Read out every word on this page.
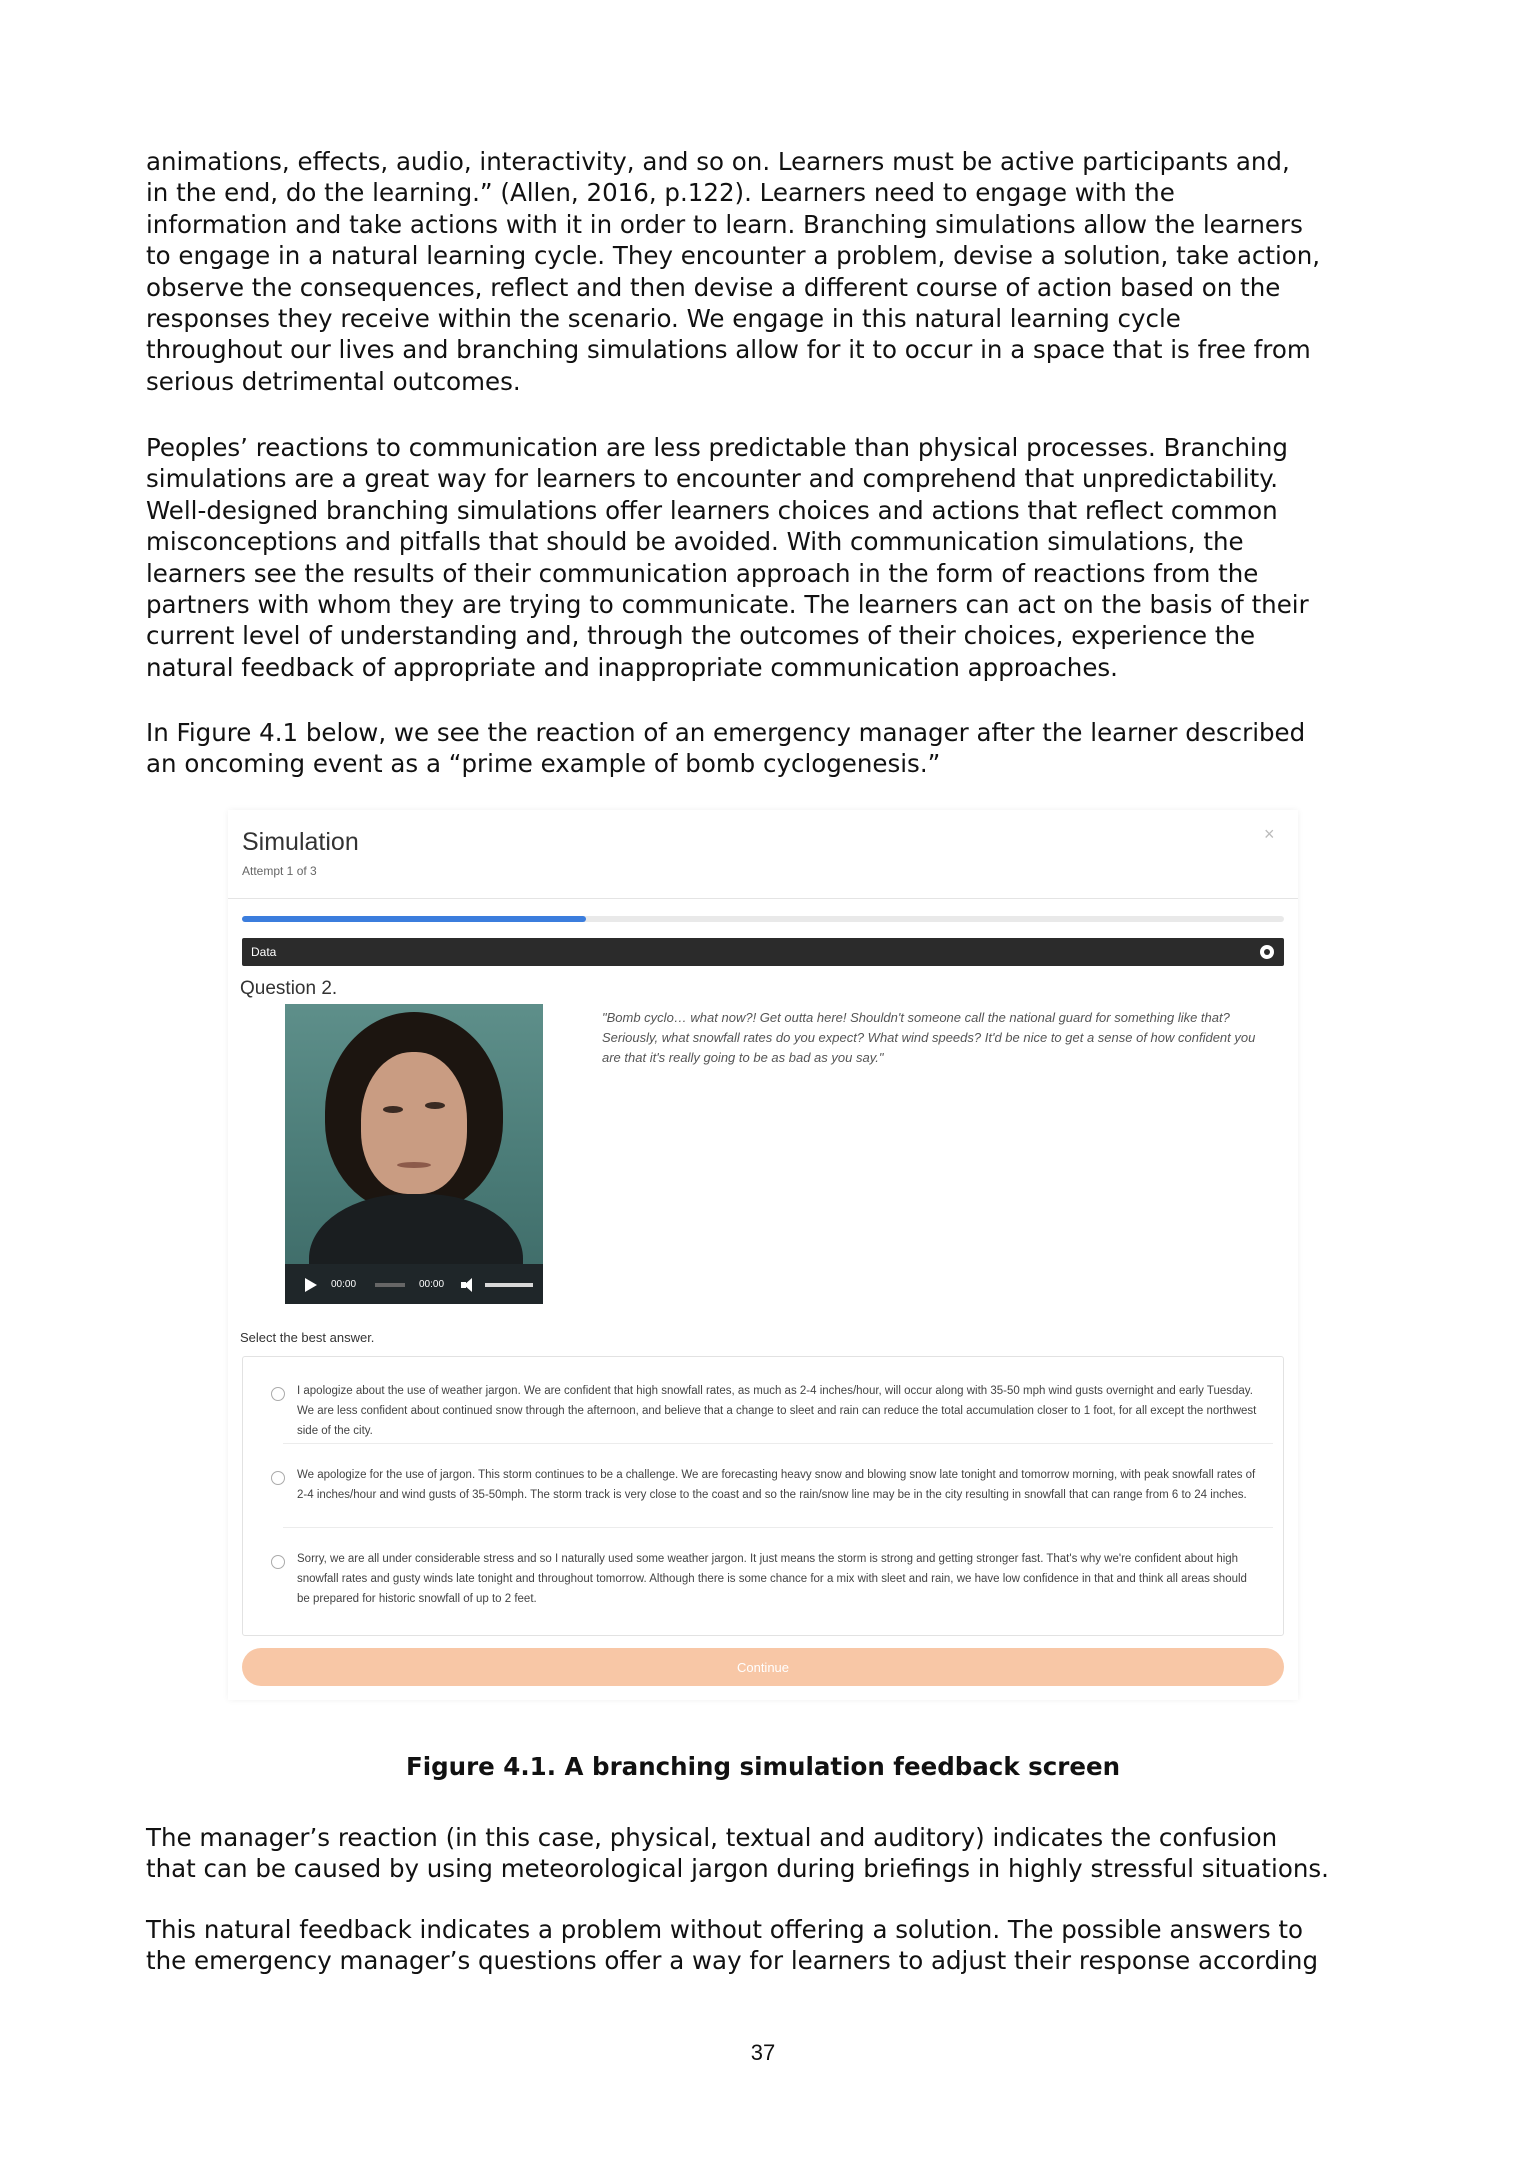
animations, effects, audio, interactivity, and so on. Learners must be active participants and,
in the end, do the learning.” (Allen, 2016, p.122). Learners need to engage with the
information and take actions with it in order to learn. Branching simulations allow the learners
to engage in a natural learning cycle. They encounter a problem, devise a solution, take action,
observe the consequences, reflect and then devise a different course of action based on the
responses they receive within the scenario. We engage in this natural learning cycle
throughout our lives and branching simulations allow for it to occur in a space that is free from
serious detrimental outcomes.

Peoples’ reactions to communication are less predictable than physical processes. Branching
simulations are a great way for learners to encounter and comprehend that unpredictability.
Well-designed branching simulations offer learners choices and actions that reflect common
misconceptions and pitfalls that should be avoided. With communication simulations, the
learners see the results of their communication approach in the form of reactions from the
partners with whom they are trying to communicate. The learners can act on the basis of their
current level of understanding and, through the outcomes of their choices, experience the
natural feedback of appropriate and inappropriate communication approaches.

In Figure 4.1 below, we see the reaction of an emergency manager after the learner described
an oncoming event as a “prime example of bomb cyclogenesis.”

Simulation
Attempt 1 of 3
×
Data
Question 2.
00:00	00:00
"Bomb cyclo… what now?! Get outta here! Shouldn't someone call the national guard for something like that? Seriously, what snowfall rates do you expect? What wind speeds? It'd be nice to get a sense of how confident you are that it's really going to be as bad as you say."
Select the best answer.
I apologize about the use of weather jargon. We are confident that high snowfall rates, as much as 2-4 inches/hour, will occur along with 35-50 mph wind gusts overnight and early Tuesday. We are less confident about continued snow through the afternoon, and believe that a change to sleet and rain can reduce the total accumulation closer to 1 foot, for all except the northwest side of the city.
We apologize for the use of jargon. This storm continues to be a challenge. We are forecasting heavy snow and blowing snow late tonight and tomorrow morning, with peak snowfall rates of 2-4 inches/hour and wind gusts of 35-50mph. The storm track is very close to the coast and so the rain/snow line may be in the city resulting in snowfall that can range from 6 to 24 inches.
Sorry, we are all under considerable stress and so I naturally used some weather jargon. It just means the storm is strong and getting stronger fast. That's why we're confident about high snowfall rates and gusty winds late tonight and throughout tomorrow. Although there is some chance for a mix with sleet and rain, we have low confidence in that and think all areas should be prepared for historic snowfall of up to 2 feet.
Continue

Figure 4.1. A branching simulation feedback screen

The manager’s reaction (in this case, physical, textual and auditory) indicates the confusion
that can be caused by using meteorological jargon during briefings in highly stressful situations.

This natural feedback indicates a problem without offering a solution. The possible answers to
the emergency manager’s questions offer a way for learners to adjust their response according

37
